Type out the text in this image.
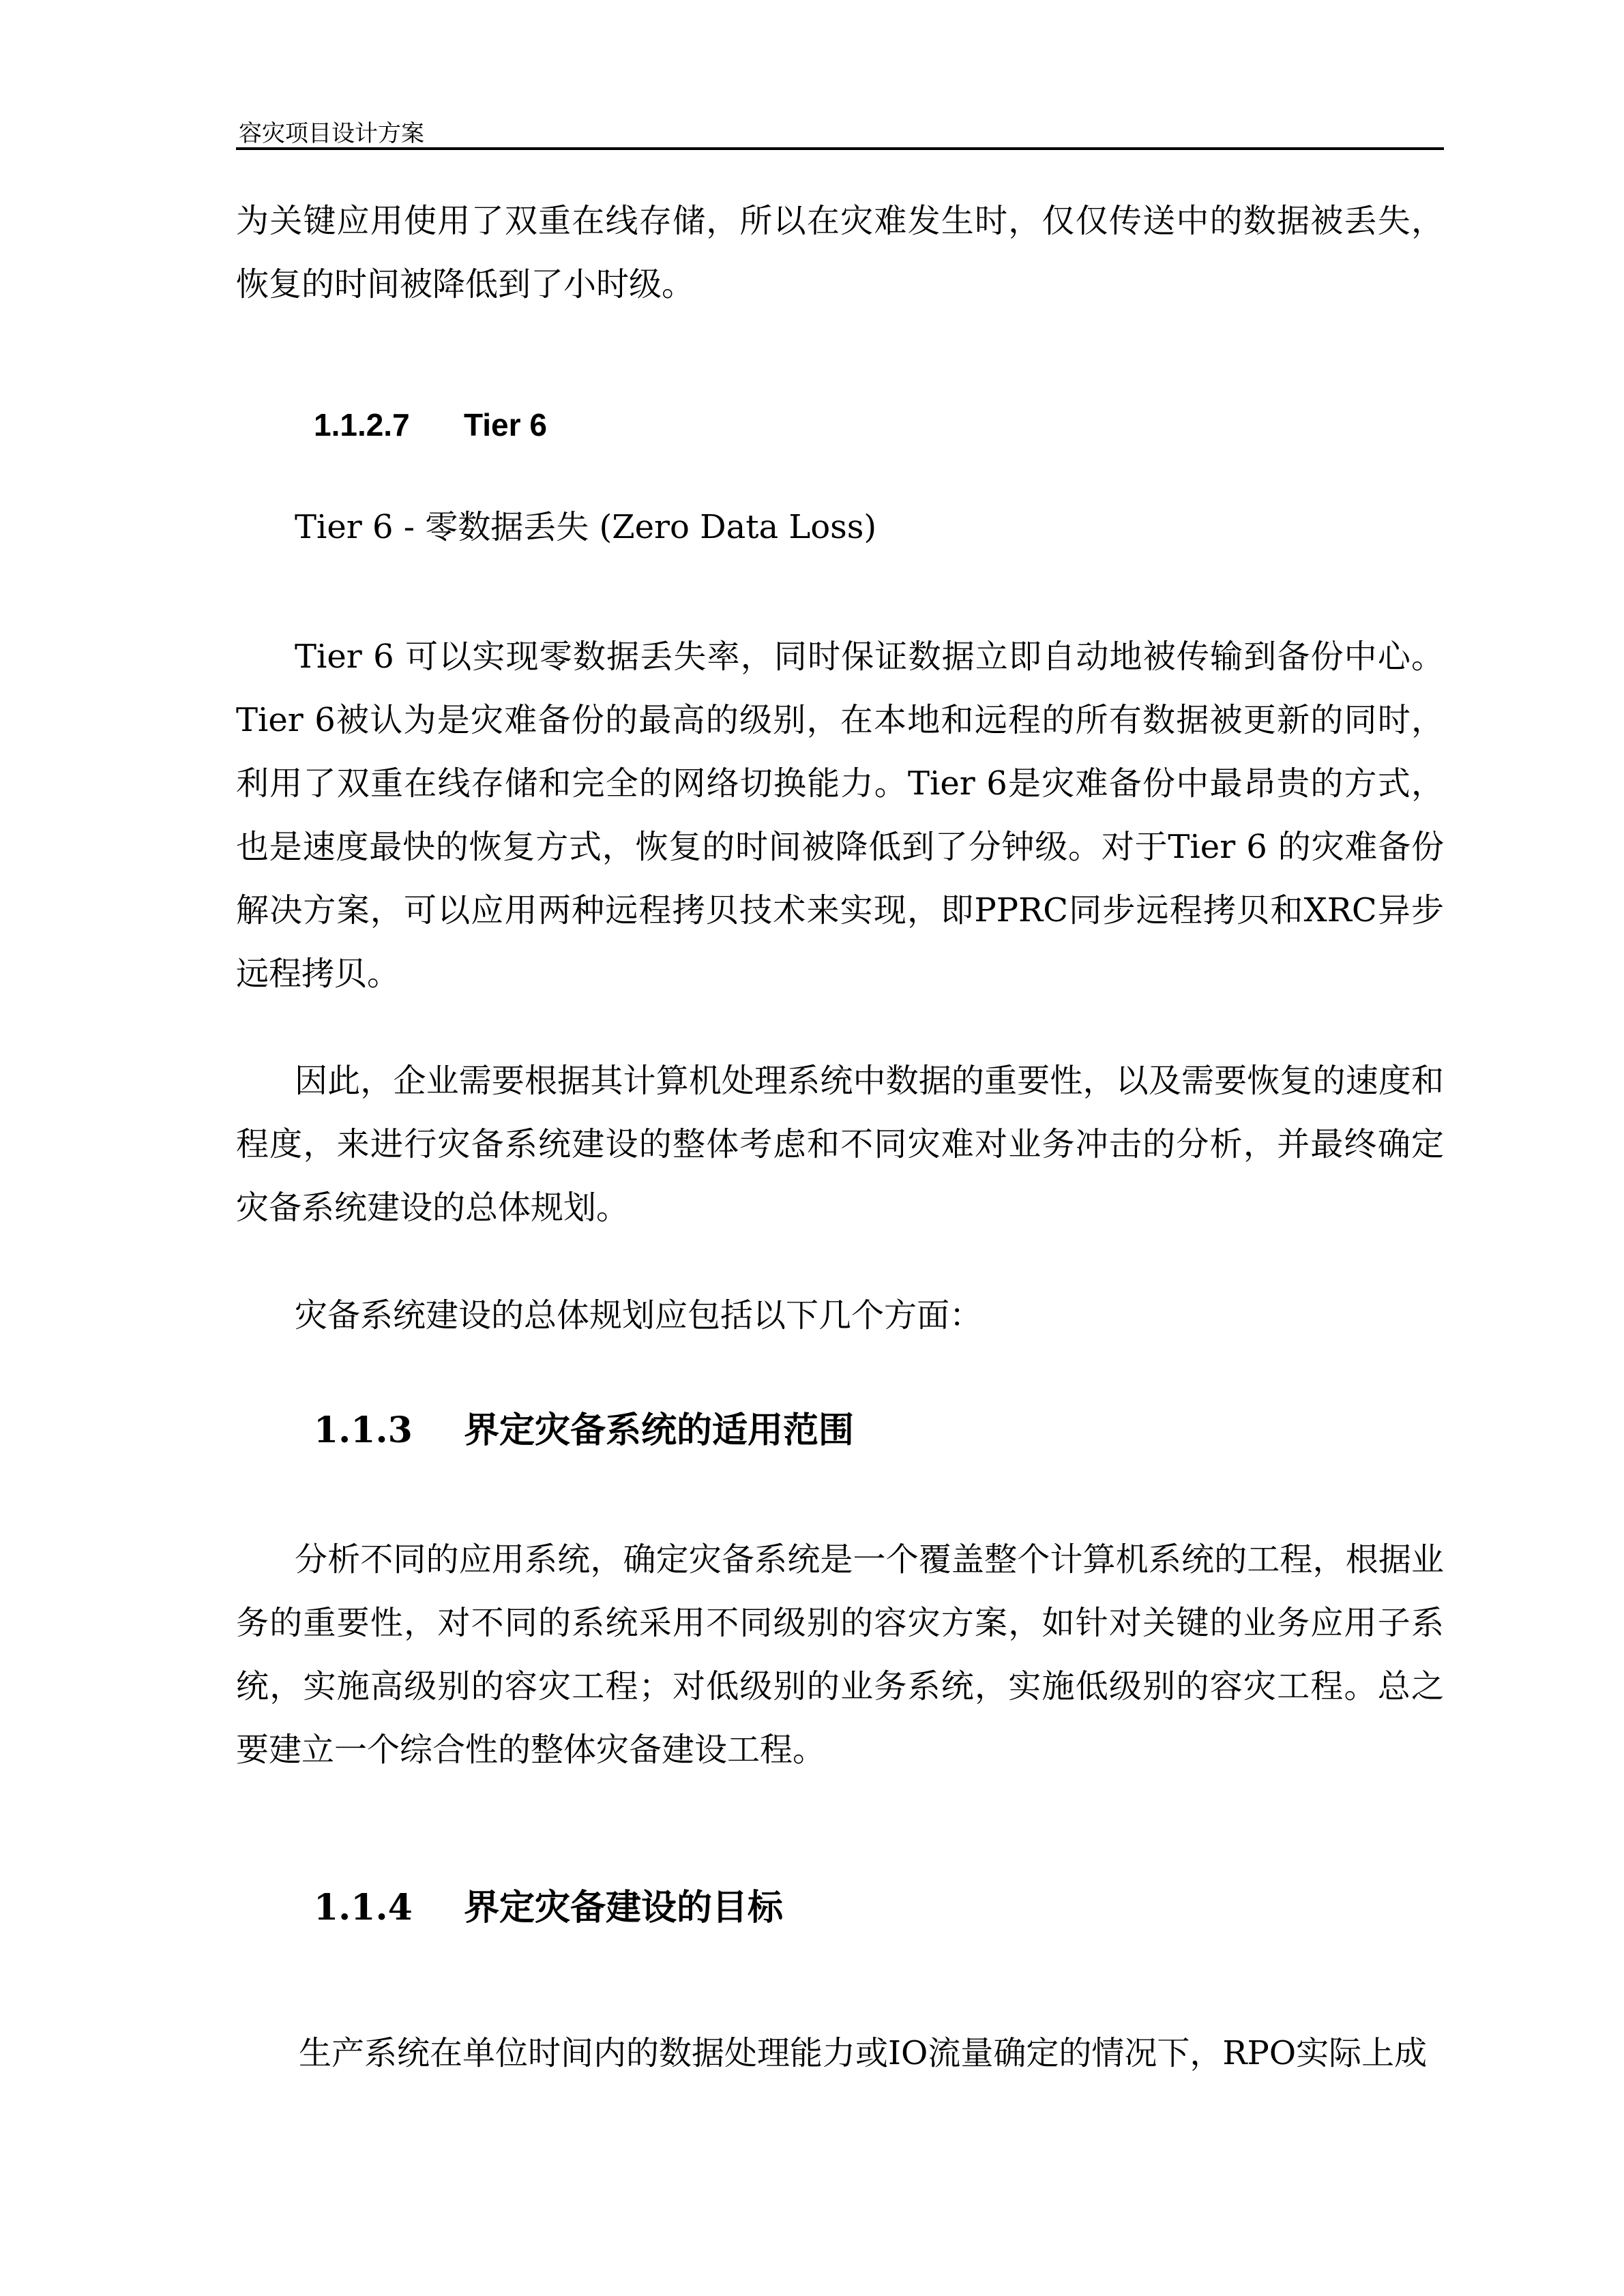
容灾项目设计方案
为关键应用使用了双重在线存储，所以在灾难发生时，仅仅传送中的数据被丢失，恢复的时间被降低到了小时级。
1.1.2.7 Tier 6
Tier 6 - 零数据丢失 (Zero Data Loss)
Tier 6 可以实现零数据丢失率，同时保证数据立即自动地被传输到备份中心。Tier 6被认为是灾难备份的最高的级别，在本地和远程的所有数据被更新的同时，利用了双重在线存储和完全的网络切换能力。Tier 6是灾难备份中最昂贵的方式，也是速度最快的恢复方式，恢复的时间被降低到了分钟级。对于Tier 6 的灾难备份解决方案，可以应用两种远程拷贝技术来实现，即PPRC同步远程拷贝和XRC异步远程拷贝。
因此，企业需要根据其计算机处理系统中数据的重要性，以及需要恢复的速度和程度，来进行灾备系统建设的整体考虑和不同灾难对业务冲击的分析，并最终确定灾备系统建设的总体规划。
灾备系统建设的总体规划应包括以下几个方面：
1.1.3 界定灾备系统的适用范围
分析不同的应用系统，确定灾备系统是一个覆盖整个计算机系统的工程，根据业务的重要性，对不同的系统采用不同级别的容灾方案，如针对关键的业务应用子系统，实施高级别的容灾工程；对低级别的业务系统，实施低级别的容灾工程。总之要建立一个综合性的整体灾备建设工程。
1.1.4 界定灾备建设的目标
生产系统在单位时间内的数据处理能力或IO流量确定的情况下，RPO实际上成
